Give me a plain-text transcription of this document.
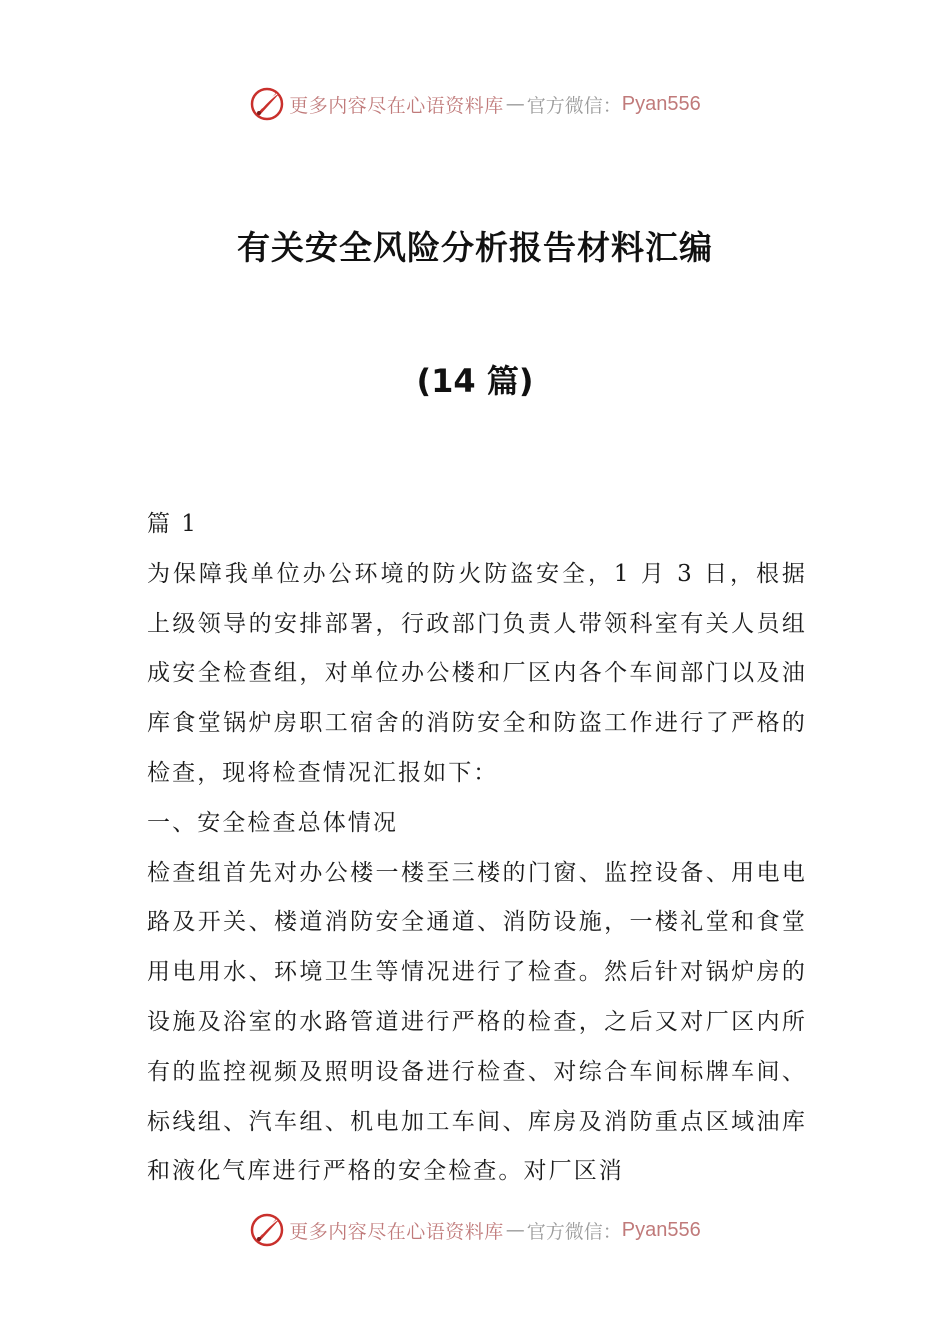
更多内容尽在心语资料库 — 官方微信： Pyan556
有关安全风险分析报告材料汇编
(14 篇)

篇 1

为保障我单位办公环境的防火防盗安全，1 月 3 日，根据上级领导的安排部署，行政部门负责人带领科室有关人员组成安全检查组，对单位办公楼和厂区内各个车间部门以及油库食堂锅炉房职工宿舍的消防安全和防盗工作进行了严格的检查，现将检查情况汇报如下：

一、安全检查总体情况

检查组首先对办公楼一楼至三楼的门窗、监控设备、用电电路及开关、楼道消防安全通道、消防设施，一楼礼堂和食堂用电用水、环境卫生等情况进行了检查。然后针对锅炉房的设施及浴室的水路管道进行严格的检查，之后又对厂区内所有的监控视频及照明设备进行检查、对综合车间标牌车间、标线组、汽车组、机电加工车间、库房及消防重点区域油库和液化气库进行严格的安全检查。对厂区消

更多内容尽在心语资料库 — 官方微信： Pyan556
